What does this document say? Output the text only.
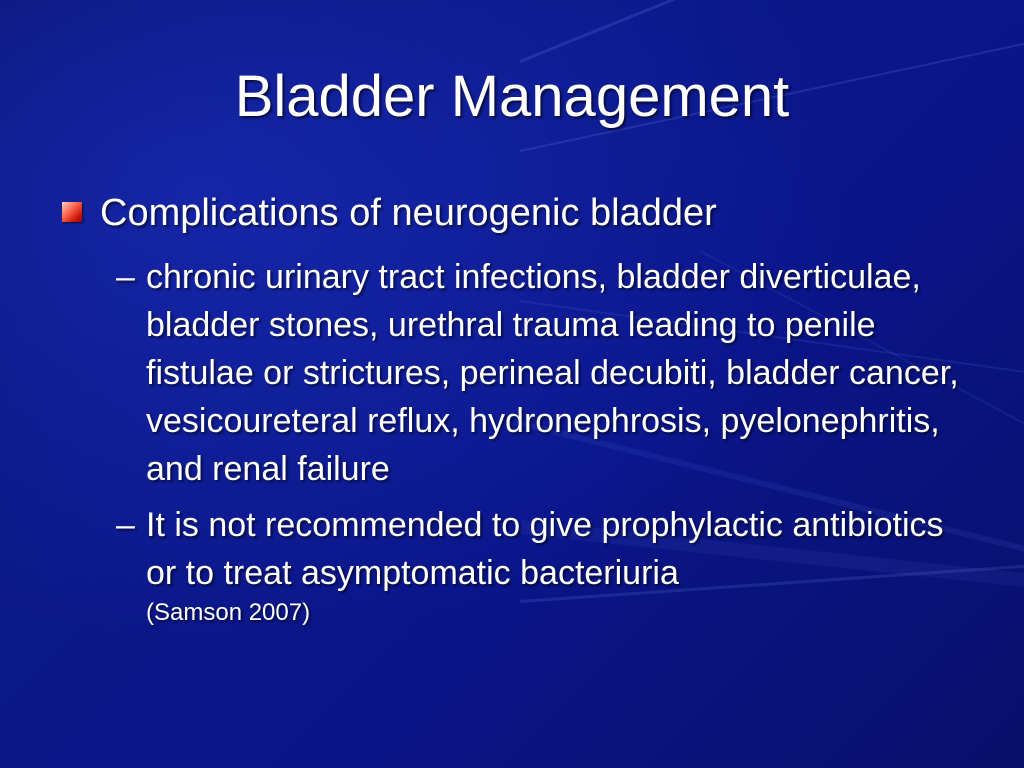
Bladder Management
Complications of neurogenic bladder
– chronic urinary tract infections, bladder diverticulae, bladder stones, urethral trauma leading to penile fistulae or strictures, perineal decubiti, bladder cancer, vesicoureteral reflux, hydronephrosis, pyelonephritis, and renal failure
– It is not recommended to give prophylactic antibiotics or to treat asymptomatic bacteriuria
(Samson 2007)
